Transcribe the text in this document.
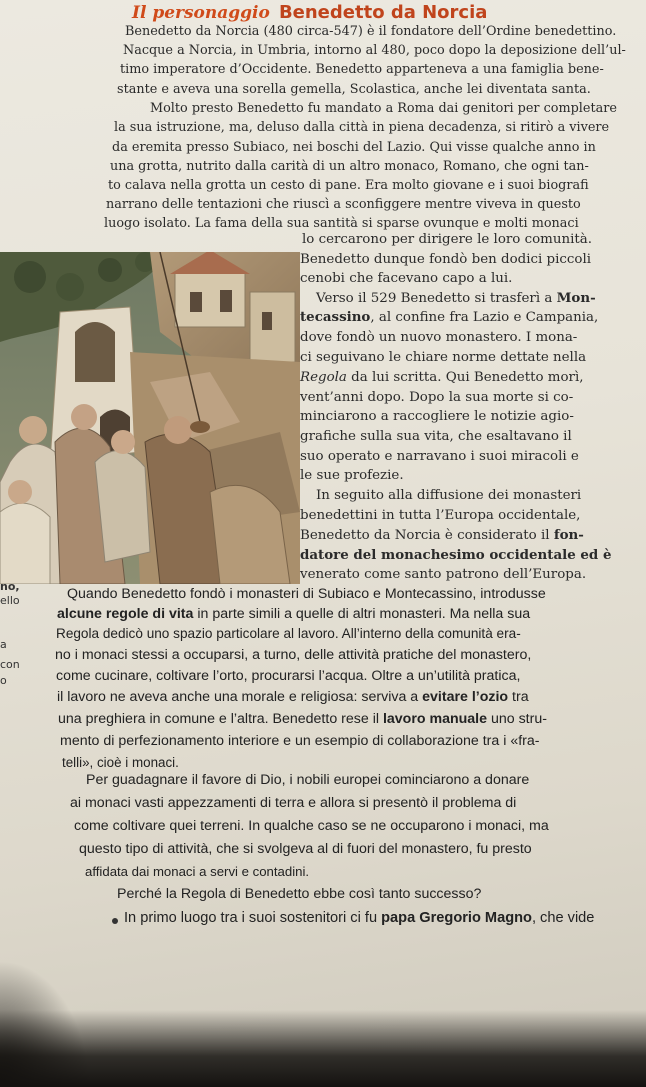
Il personaggio Benedetto da Norcia
Benedetto da Norcia (480 circa-547) è il fondatore dell’Ordine benedettino.
Nacque a Norcia, in Umbria, intorno al 480, poco dopo la deposizione dell’ul-
timo imperatore d’Occidente. Benedetto apparteneva a una famiglia bene-
stante e aveva una sorella gemella, Scolastica, anche lei diventata santa.
Molto presto Benedetto fu mandato a Roma dai genitori per completare
la sua istruzione, ma, deluso dalla città in piena decadenza, si ritirò a vivere
da eremita presso Subiaco, nei boschi del Lazio. Qui visse qualche anno in
una grotta, nutrito dalla carità di un altro monaco, Romano, che ogni tan-
to calava nella grotta un cesto di pane. Era molto giovane e i suoi biografi
narrano delle tentazioni che riuscì a sconfiggere mentre viveva in questo
luogo isolato. La fama della sua santità si sparse ovunque e molti monaci
lo cercarono per dirigere le loro comunità.
Benedetto dunque fondò ben dodici piccoli
cenobi che facevano capo a lui.
Verso il 529 Benedetto si trasferì a Mon-
tecassino, al confine fra Lazio e Campania,
dove fondò un nuovo monastero. I mona-
ci seguivano le chiare norme dettate nella
Regola da lui scritta. Qui Benedetto morì,
vent’anni dopo. Dopo la sua morte si co-
minciarono a raccogliere le notizie agio-
grafiche sulla sua vita, che esaltavano il
suo operato e narravano i suoi miracoli e
le sue profezie.
In seguito alla diffusione dei monasteri
benedettini in tutta l’Europa occidentale,
Benedetto da Norcia è considerato il fon-
datore del monachesimo occidentale ed è
venerato come santo patrono dell’Europa.
no,
ello
a
con
o
Quando Benedetto fondò i monasteri di Subiaco e Montecassino, introdusse
alcune regole di vita in parte simili a quelle di altri monasteri. Ma nella sua
Regola dedicò uno spazio particolare al lavoro. All’interno della comunità era-
no i monaci stessi a occuparsi, a turno, delle attività pratiche del monastero,
come cucinare, coltivare l’orto, procurarsi l’acqua. Oltre a un’utilità pratica,
il lavoro ne aveva anche una morale e religiosa: serviva a evitare l’ozio tra
una preghiera in comune e l’altra. Benedetto rese il lavoro manuale uno stru-
mento di perfezionamento interiore e un esempio di collaborazione tra i «fra-
telli», cioè i monaci.
Per guadagnare il favore di Dio, i nobili europei cominciarono a donare
ai monaci vasti appezzamenti di terra e allora si presentò il problema di
come coltivare quei terreni. In qualche caso se ne occuparono i monaci, ma
questo tipo di attività, che si svolgeva al di fuori del monastero, fu presto
affidata dai monaci a servi e contadini.
Perché la Regola di Benedetto ebbe così tanto successo?
In primo luogo tra i suoi sostenitori ci fu papa Gregorio Magno, che vide
